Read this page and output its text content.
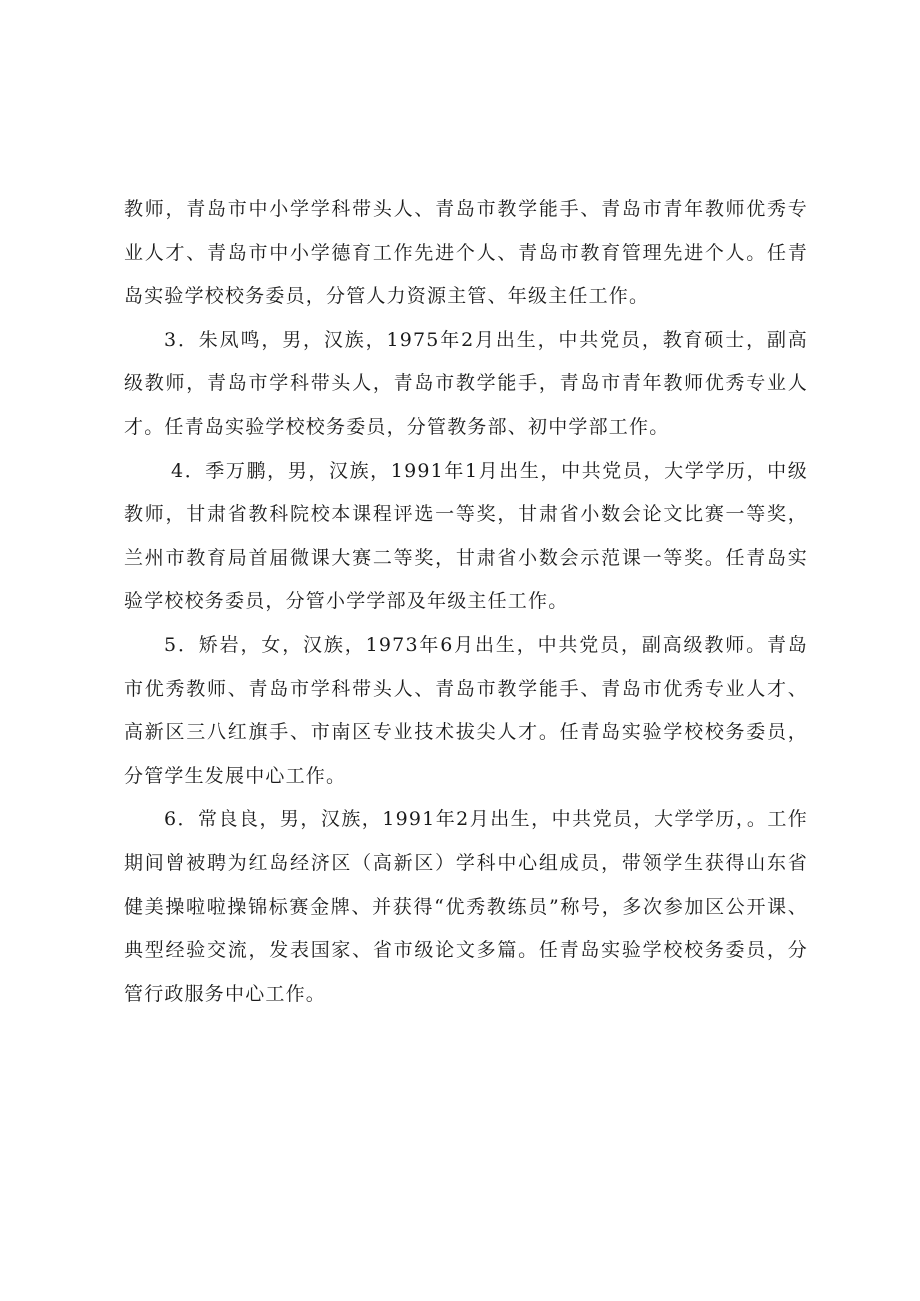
教师，青岛市中小学学科带头人、青岛市教学能手、青岛市青年教师优秀专业人才、青岛市中小学德育工作先进个人、青岛市教育管理先进个人。任青岛实验学校校务委员，分管人力资源主管、年级主任工作。

3．朱凤鸣，男，汉族，1975年2月出生，中共党员，教育硕士，副高级教师，青岛市学科带头人，青岛市教学能手，青岛市青年教师优秀专业人才。任青岛实验学校校务委员，分管教务部、初中学部工作。

4．季万鹏，男，汉族，1991年1月出生，中共党员，大学学历，中级教师，甘肃省教科院校本课程评选一等奖，甘肃省小数会论文比赛一等奖，兰州市教育局首届微课大赛二等奖，甘肃省小数会示范课一等奖。任青岛实验学校校务委员，分管小学学部及年级主任工作。

5．矫岩，女，汉族，1973年6月出生，中共党员，副高级教师。青岛市优秀教师、青岛市学科带头人、青岛市教学能手、青岛市优秀专业人才、高新区三八红旗手、市南区专业技术拔尖人才。任青岛实验学校校务委员，分管学生发展中心工作。

6．常良良，男，汉族，1991年2月出生，中共党员，大学学历，。工作期间曾被聘为红岛经济区（高新区）学科中心组成员，带领学生获得山东省健美操啦啦操锦标赛金牌、并获得“优秀教练员”称号，多次参加区公开课、典型经验交流，发表国家、省市级论文多篇。任青岛实验学校校务委员，分管行政服务中心工作。
